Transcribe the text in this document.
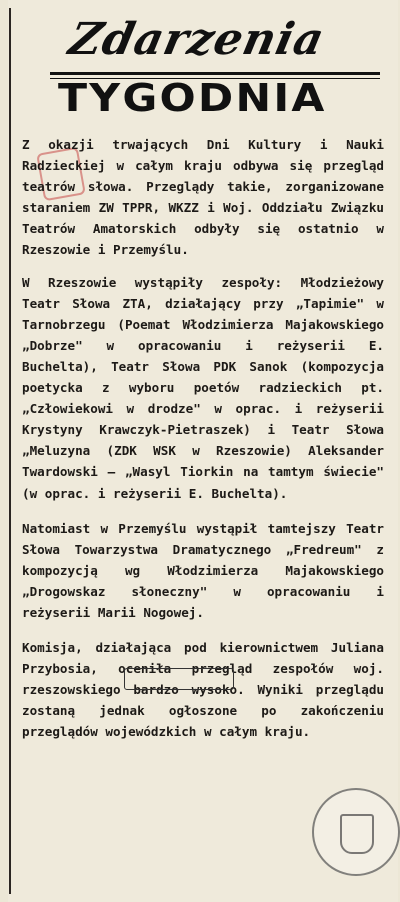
Zdarzenia
TYGODNIA

Z okazji trwających Dni Kultury i Nauki Radzieckiej w całym kraju odbywa się przegląd teatrów słowa. Przeglądy takie, zorganizowane staraniem ZW TPPR, WKZZ i Woj. Oddziału Związku Teatrów Amatorskich odbyły się ostatnio w Rzeszowie i Przemyślu.

W Rzeszowie wystąpiły zespoły: Młodzieżowy Teatr Słowa ZTA, działający przy „Tapimie" w Tarnobrzegu (Poemat Włodzimierza Majakowskiego „Dobrze" w opracowaniu i reżyserii E. Buchelta), Teatr Słowa PDK Sanok (kompozycja poetycka z wyboru poetów radzieckich pt. „Człowiekowi w drodze" w oprac. i reżyserii Krystyny Krawczyk-Pietraszek) i Teatr Słowa „Meluzyna (ZDK WSK w Rzeszowie) Aleksander Twardowski — „Wasyl Tiorkin na tamtym świecie" (w oprac. i reżyserii E. Buchelta).

Natomiast w Przemyślu wystąpił tamtejszy Teatr Słowa Towarzystwa Dramatycznego „Fredreum" z kompozycją wg Włodzimierza Majakowskiego „Drogowskaz słoneczny" w opracowaniu i reżyserii Marii Nogowej.

Komisja, działająca pod kierownictwem Juliana Przybosia, oceniła przegląd zespołów woj. rzeszowskiego bardzo wysoko. Wyniki przeglądu zostaną jednak ogłoszone po zakończeniu przeglądów wojewódzkich w całym kraju.
